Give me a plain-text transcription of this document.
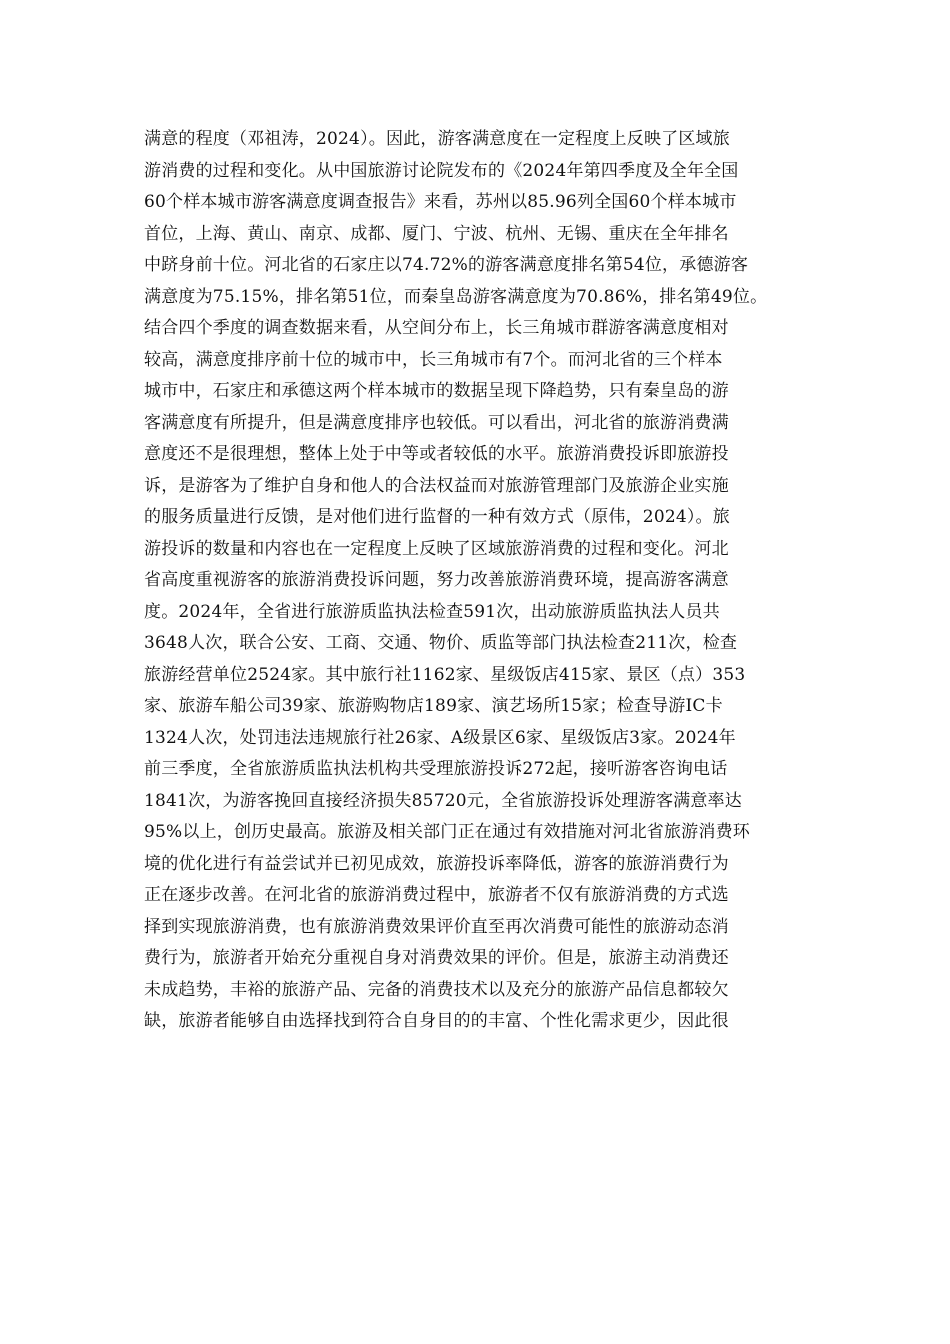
满意的程度（邓祖涛，2024）。因此，游客满意度在一定程度上反映了区域旅
游消费的过程和变化。从中国旅游讨论院发布的《2024年第四季度及全年全国
60个样本城市游客满意度调查报告》来看，苏州以85.96列全国60个样本城市
首位，上海、黄山、南京、成都、厦门、宁波、杭州、无锡、重庆在全年排名
中跻身前十位。河北省的石家庄以74.72%的游客满意度排名第54位，承德游客
满意度为75.15%，排名第51位，而秦皇岛游客满意度为70.86%，排名第49位。
结合四个季度的调查数据来看，从空间分布上，长三角城市群游客满意度相对
较高，满意度排序前十位的城市中，长三角城市有7个。而河北省的三个样本
城市中，石家庄和承德这两个样本城市的数据呈现下降趋势，只有秦皇岛的游
客满意度有所提升，但是满意度排序也较低。可以看出，河北省的旅游消费满
意度还不是很理想，整体上处于中等或者较低的水平。旅游消费投诉即旅游投
诉，是游客为了维护自身和他人的合法权益而对旅游管理部门及旅游企业实施
的服务质量进行反馈，是对他们进行监督的一种有效方式（原伟，2024）。旅
游投诉的数量和内容也在一定程度上反映了区域旅游消费的过程和变化。河北
省高度重视游客的旅游消费投诉问题，努力改善旅游消费环境，提高游客满意
度。2024年，全省进行旅游质监执法检查591次，出动旅游质监执法人员共
3648人次，联合公安、工商、交通、物价、质监等部门执法检查211次，检查
旅游经营单位2524家。其中旅行社1162家、星级饭店415家、景区（点）353
家、旅游车船公司39家、旅游购物店189家、演艺场所15家；检查导游IC卡
1324人次，处罚违法违规旅行社26家、A级景区6家、星级饭店3家。2024年
前三季度，全省旅游质监执法机构共受理旅游投诉272起，接听游客咨询电话
1841次，为游客挽回直接经济损失85720元，全省旅游投诉处理游客满意率达
95%以上，创历史最高。旅游及相关部门正在通过有效措施对河北省旅游消费环
境的优化进行有益尝试并已初见成效，旅游投诉率降低，游客的旅游消费行为
正在逐步改善。在河北省的旅游消费过程中，旅游者不仅有旅游消费的方式选
择到实现旅游消费，也有旅游消费效果评价直至再次消费可能性的旅游动态消
费行为，旅游者开始充分重视自身对消费效果的评价。但是，旅游主动消费还
未成趋势，丰裕的旅游产品、完备的消费技术以及充分的旅游产品信息都较欠
缺，旅游者能够自由选择找到符合自身目的的丰富、个性化需求更少，因此很
